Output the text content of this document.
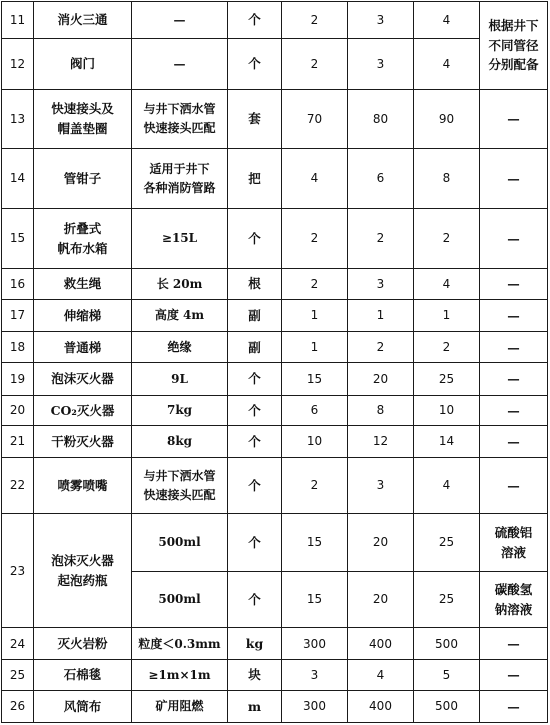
11	消火三通	—	个	2	3	4	根据井下
不同管径
分别配备
12	阀门	—	个	2	3	4	
13	快速接头及
帽盖垫圈	与井下洒水管
快速接头匹配	套	70	80	90	—
14	管钳子	适用于井下
各种消防管路	把	4	6	8	—
15	折叠式
帆布水箱	≥15L	个	2	2	2	—
16	救生绳	长 20m	根	2	3	4	—
17	伸缩梯	高度 4m	副	1	1	1	—
18	普通梯	绝缘	副	1	2	2	—
19	泡沫灭火器	9L	个	15	20	25	—
20	CO₂灭火器	7kg	个	6	8	10	—
21	干粉灭火器	8kg	个	10	12	14	—
22	喷雾喷嘴	与井下洒水管
快速接头匹配	个	2	3	4	—
23	泡沫灭火器
起泡药瓶	500ml	个	15	20	25	硫酸铝
溶液
		500ml	个	15	20	25	碳酸氢
钠溶液
24	灭火岩粉	粒度＜0.3mm	kg	300	400	500	—
25	石棉毯	≥1m×1m	块	3	4	5	—
26	风筒布	矿用阻燃	m	300	400	500	—
